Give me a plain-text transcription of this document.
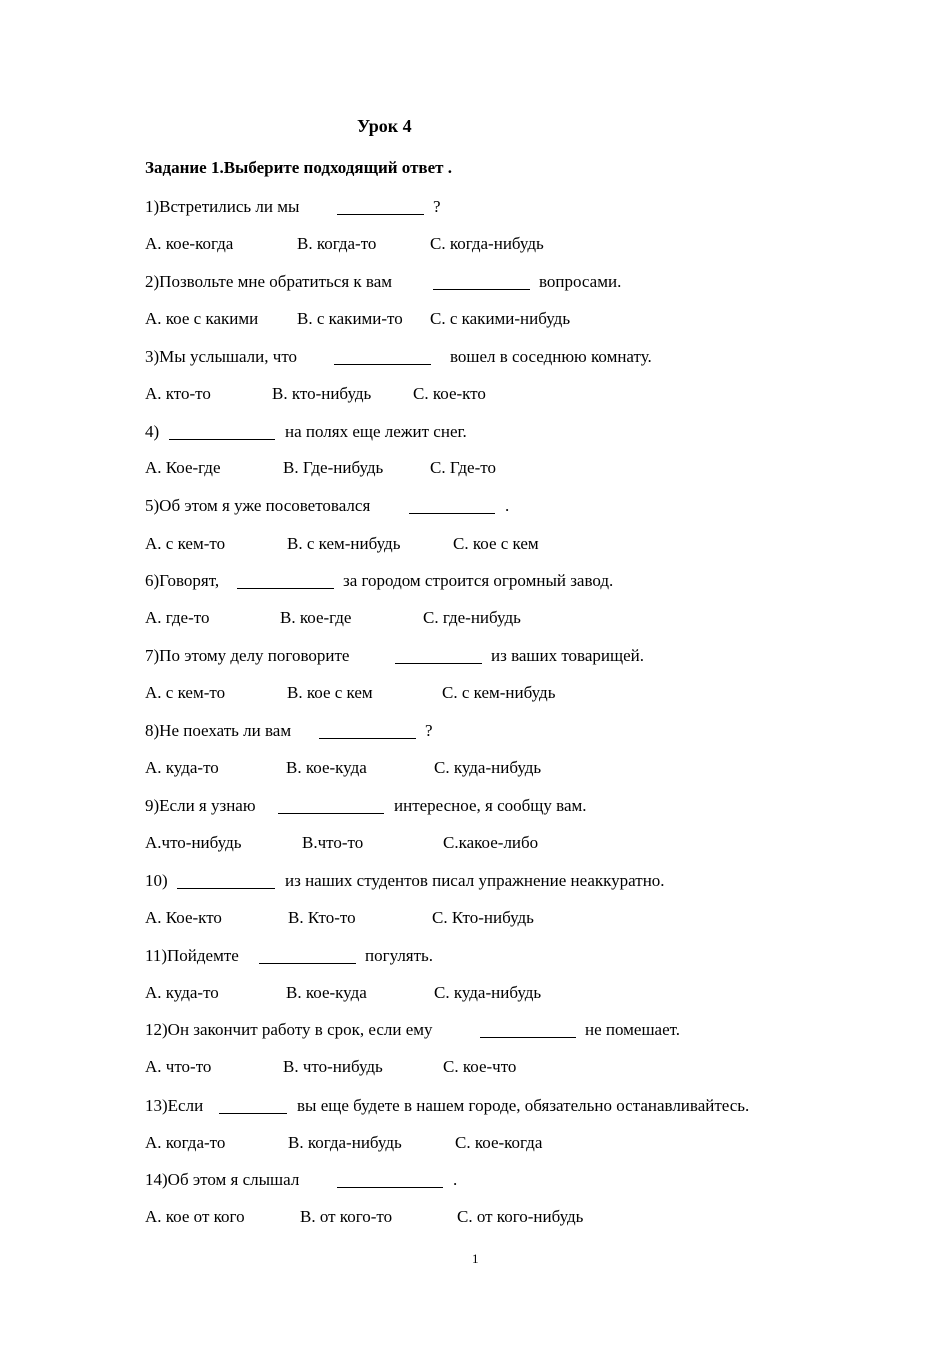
Урок 4
Задание 1.Выберите подходящий ответ .
1)Встретились ли мы	?
А. кое-когда	В. когда-то	С. когда-нибудь
2)Позвольте мне обратиться к вам	вопросами.
А. кое с какими В. с какими-то С. с какими-нибудь
3)Мы услышали, что	вошел в соседнюю комнату.
А. кто-то	В. кто-нибудь С. кое-кто
4)	на полях еще лежит снег.
А. Кое-где	В. Где-нибудь	С. Где-то
5)Об этом я уже посоветовался	.
А. с кем-то	В. с кем-нибудь	С. кое с кем
6)Говорят,	за городом строится огромный завод.
А. где-то	В. кое-где	С. где-нибудь
7)По этому делу поговорите	из ваших товарищей.
А. с кем-то	В. кое с кем	С. с кем-нибудь
8)Не поехать ли вам	?
А. куда-то	В. кое-куда	С. куда-нибудь
9)Если я узнаю	интересное, я сообщу вам.
А.что-нибудь	В.что-то	С.какое-либо
10)	из наших студентов писал упражнение неаккуратно.
А. Кое-кто	В. Кто-то	С. Кто-нибудь
11)Пойдемте	погулять.
А. куда-то	В. кое-куда	С. куда-нибудь
12)Он закончит работу в срок, если ему	не помешает.
А. что-то	В. что-нибудь	С. кое-что
13)Если	вы еще будете в нашем городе, обязательно останавливайтесь.
А. когда-то	В. когда-нибудь	С. кое-когда
14)Об этом я слышал	.
А. кое от кого	В. от кого-то	С. от кого-нибудь
1
